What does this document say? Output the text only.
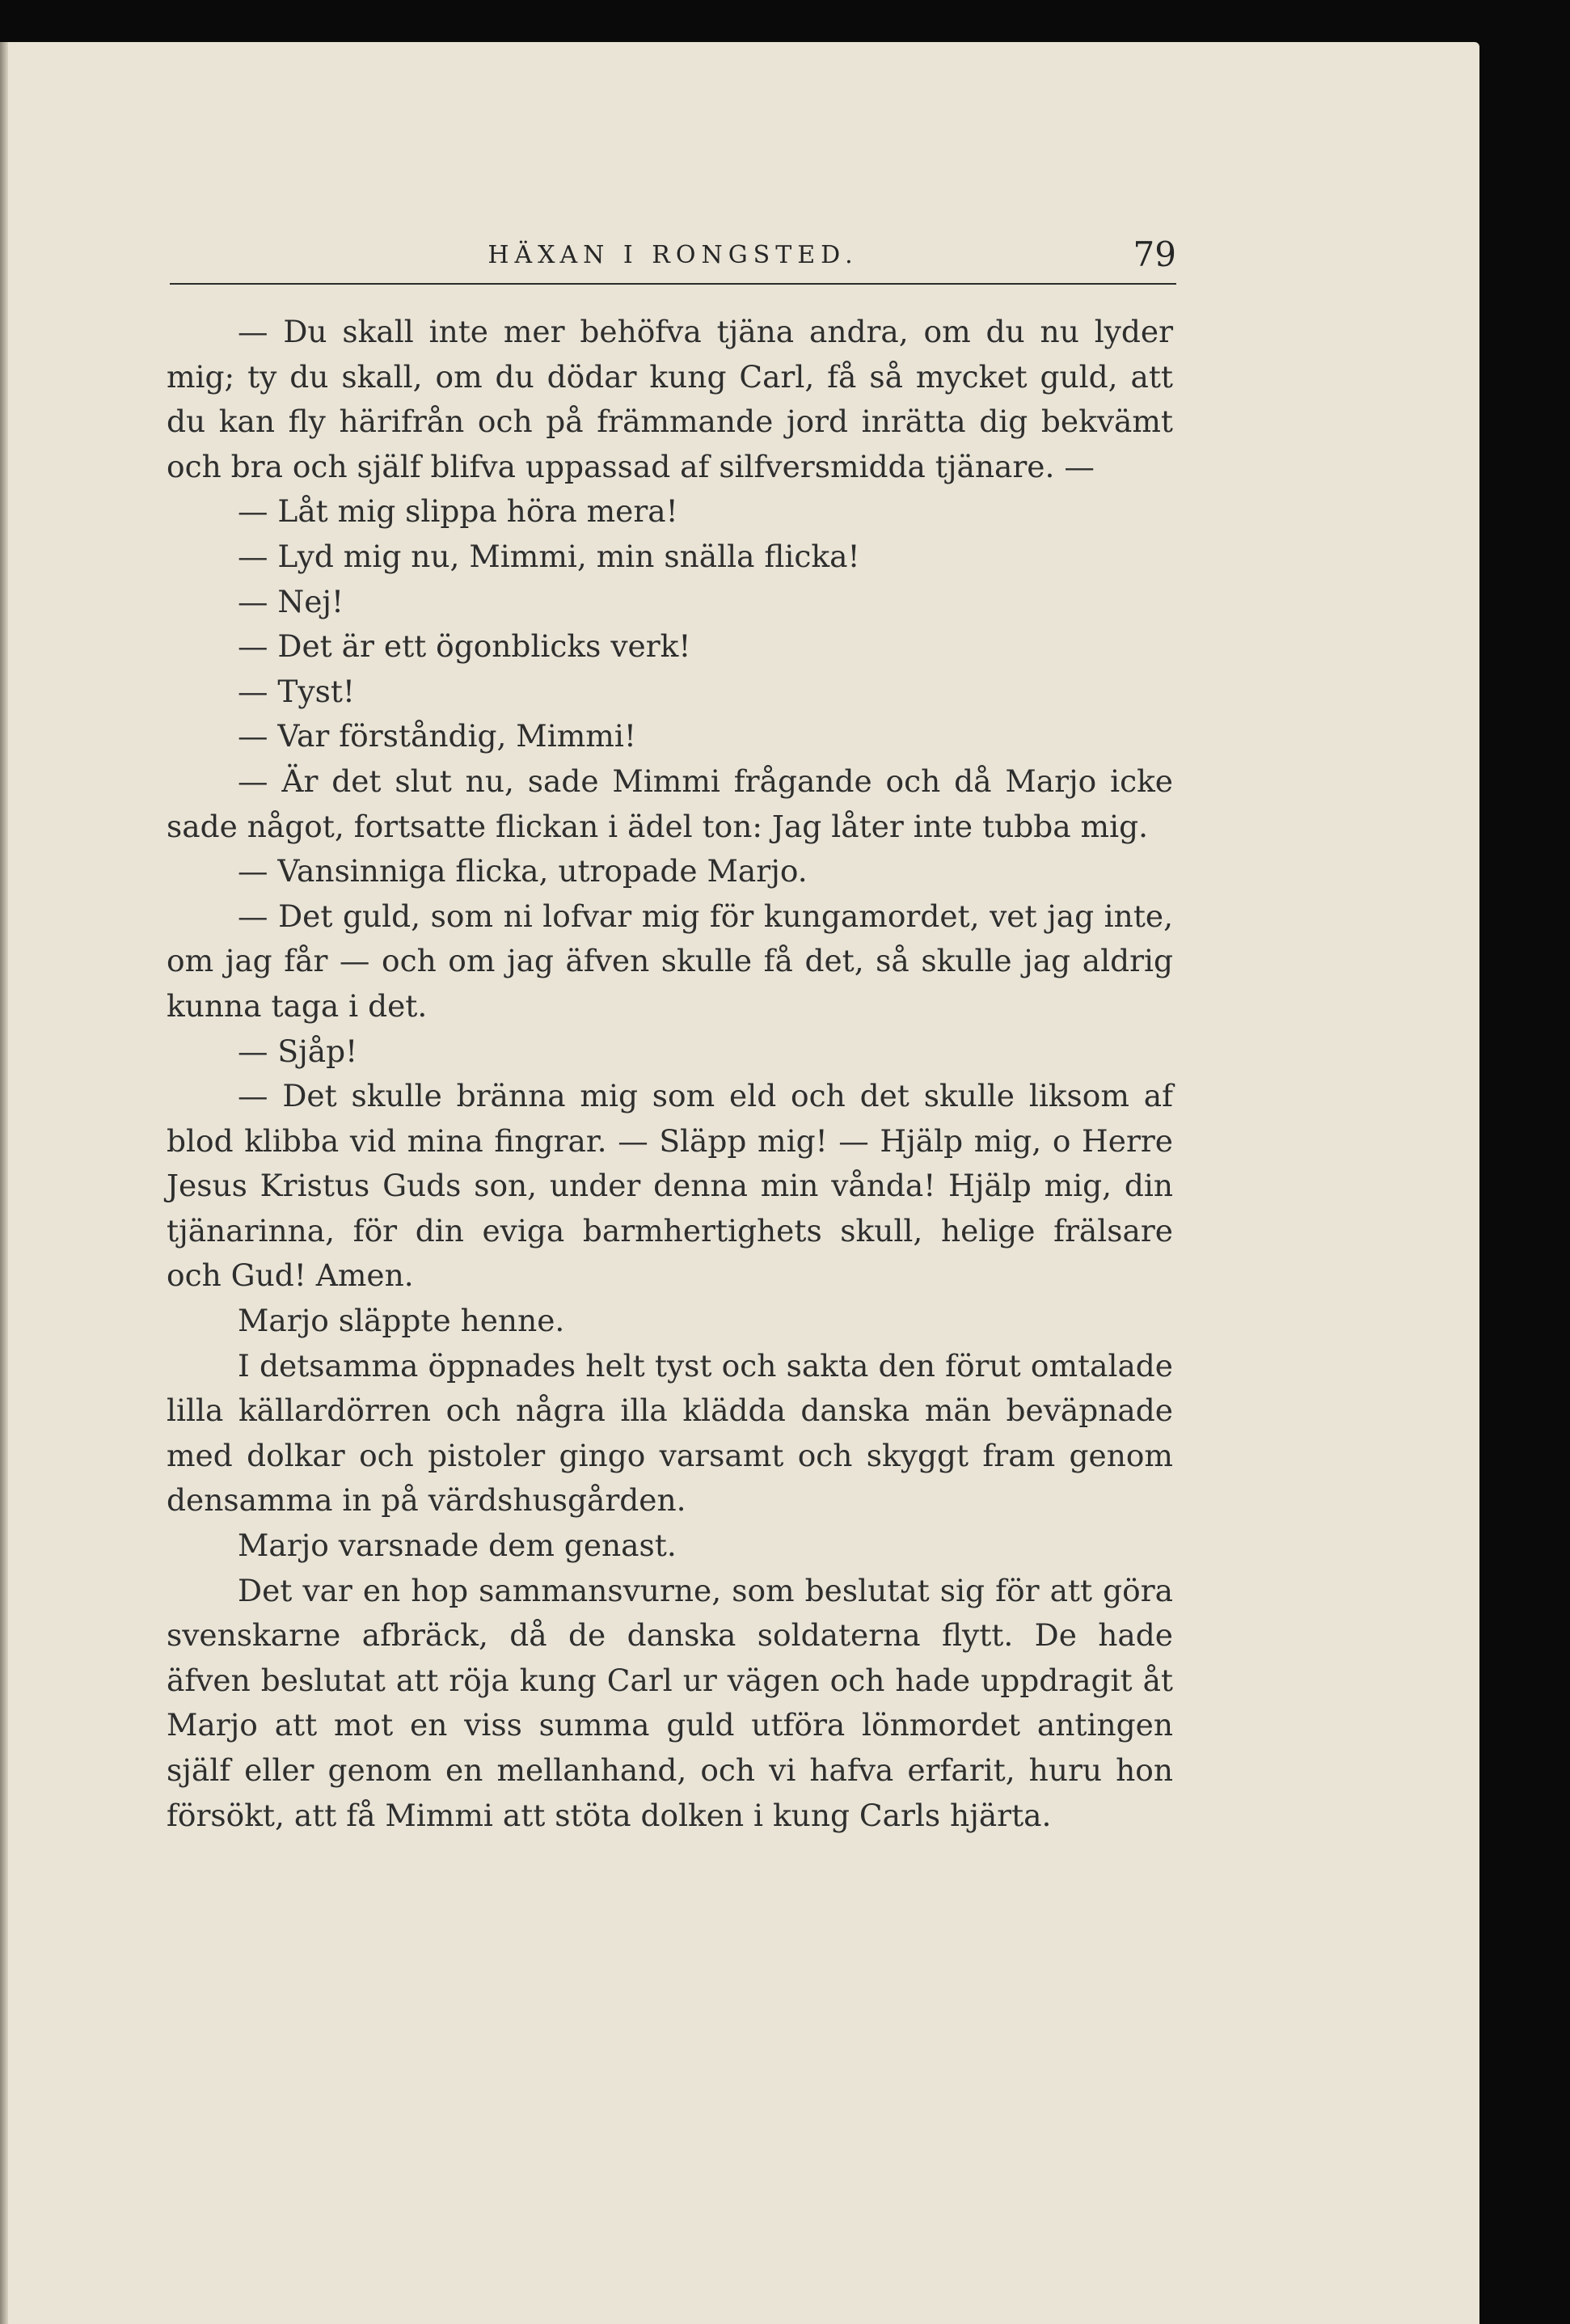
HÄXAN I RONGSTED.	79

— Du skall inte mer behöfva tjäna andra, om du nu lyder mig; ty du skall, om du dödar kung Carl, få så mycket guld, att du kan fly härifrån och på främmande jord inrätta dig bekvämt och bra och själf blifva uppassad af silfversmidda tjänare. —

— Låt mig slippa höra mera!

— Lyd mig nu, Mimmi, min snälla flicka!

— Nej!

— Det är ett ögonblicks verk!

— Tyst!

— Var förståndig, Mimmi!

— Är det slut nu, sade Mimmi frågande och då Marjo icke sade något, fortsatte flickan i ädel ton: Jag låter inte tubba mig.

— Vansinniga flicka, utropade Marjo.

— Det guld, som ni lofvar mig för kungamordet, vet jag inte, om jag får — och om jag äfven skulle få det, så skulle jag aldrig kunna taga i det.

— Sjåp!

— Det skulle bränna mig som eld och det skulle liksom af blod klibba vid mina fingrar. — Släpp mig! — Hjälp mig, o Herre Jesus Kristus Guds son, under denna min vånda! Hjälp mig, din tjänarinna, för din eviga barmhertighets skull, helige frälsare och Gud! Amen.

Marjo släppte henne.

I detsamma öppnades helt tyst och sakta den förut omtalade lilla källardörren och några illa klädda danska män beväpnade med dolkar och pistoler gingo varsamt och skyggt fram genom densamma in på värdshusgården.

Marjo varsnade dem genast.

Det var en hop sammansvurne, som beslutat sig för att göra svenskarne afbräck, då de danska soldaterna flytt. De hade äfven beslutat att röja kung Carl ur vägen och hade uppdragit åt Marjo att mot en viss summa guld utföra lönmordet antingen själf eller genom en mellanhand, och vi hafva erfarit, huru hon försökt, att få Mimmi att stöta dolken i kung Carls hjärta.
